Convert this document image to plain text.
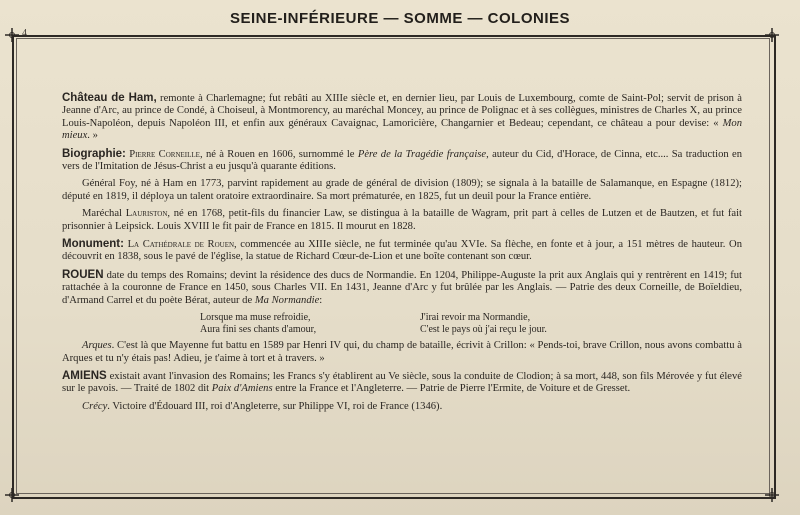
SEINE-INFÉRIEURE — SOMME — COLONIES
4

Château de Ham, remonte à Charlemagne; fut rebâti au XIIIe siècle et, en dernier lieu, par Louis de Luxembourg, comte de Saint-Pol; servit de prison à Jeanne d'Arc, au prince de Condé, à Choiseul, à Montmorency, au maréchal Moncey, au prince de Polignac et à ses collègues, ministres de Charles X, au prince Louis-Napoléon, depuis Napoléon III, et enfin aux généraux Cavaignac, Lamoricière, Changarnier et Bedeau; cependant, ce château a pour devise: « Mon mieux. »

Biographie: Pierre Corneille, né à Rouen en 1606, surnommé le Père de la Tragédie française, auteur du Cid, d'Horace, de Cinna, etc.... Sa traduction en vers de l'Imitation de Jésus-Christ a eu jusqu'à quarante éditions.

Général Foy, né à Ham en 1773, parvint rapidement au grade de général de division (1809); se signala à la bataille de Salamanque, en Espagne (1812); député en 1819, il déploya un talent oratoire extraordinaire. Sa mort prématurée, en 1825, fut un deuil pour la France entière.

Maréchal Lauriston, né en 1768, petit-fils du financier Law, se distingua à la bataille de Wagram, prit part à celles de Lutzen et de Bautzen, et fut fait prisonnier à Leipsick. Louis XVIII le fit pair de France en 1815. Il mourut en 1828.

Monument: La Cathédrale de Rouen, commencée au XIIIe siècle, ne fut terminée qu'au XVIe. Sa flèche, en fonte et à jour, a 151 mètres de hauteur. On découvrit en 1838, sous le pavé de l'église, la statue de Richard Cœur-de-Lion et une boîte contenant son cœur.

ROUEN date du temps des Romains; devint la résidence des ducs de Normandie. En 1204, Philippe-Auguste la prit aux Anglais qui y rentrèrent en 1419; fut rattachée à la couronne de France en 1450, sous Charles VII. En 1431, Jeanne d'Arc y fut brûlée par les Anglais. — Patrie des deux Corneille, de Boïeldieu, d'Armand Carrel et du poète Bérat, auteur de Ma Normandie:

Lorsque ma muse refroidie,
Aura fini ses chants d'amour,
J'irai revoir ma Normandie,
C'est le pays où j'ai reçu le jour.

Arques. C'est là que Mayenne fut battu en 1589 par Henri IV qui, du champ de bataille, écrivit à Crillon: « Pends-toi, brave Crillon, nous avons combattu à Arques et tu n'y étais pas! Adieu, je t'aime à tort et à travers. »

AMIENS existait avant l'invasion des Romains; les Francs s'y établirent au Ve siècle, sous la conduite de Clodion; à sa mort, 448, son fils Mérovée y fut élevé sur le pavois. — Traité de 1802 dit Paix d'Amiens entre la France et l'Angleterre. — Patrie de Pierre l'Ermite, de Voiture et de Gresset.

Crécy. Victoire d'Édouard III, roi d'Angleterre, sur Philippe VI, roi de France (1346).
